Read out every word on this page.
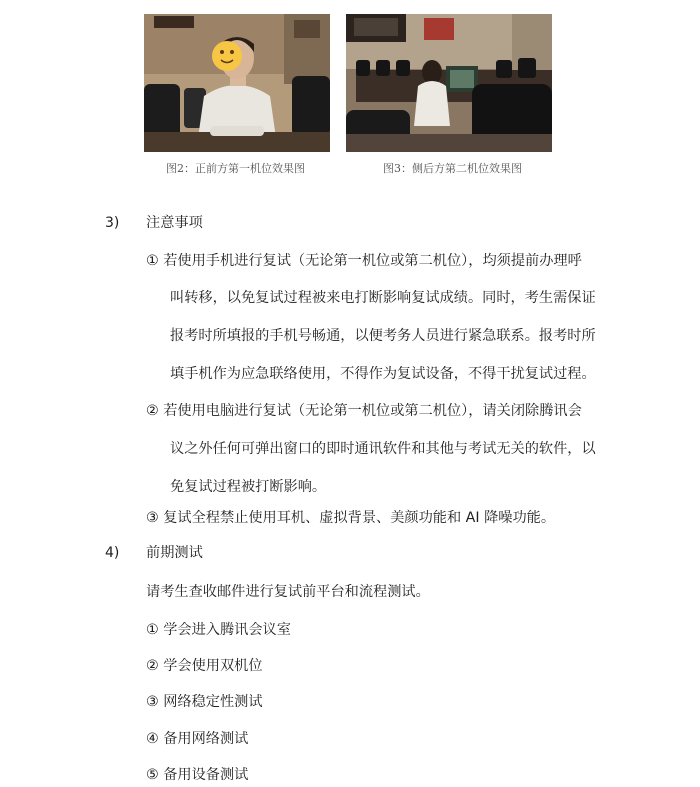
图2：正前方第一机位效果图	图3：侧后方第二机位效果图
3) 注意事项
① 若使用手机进行复试（无论第一机位或第二机位），均须提前办理呼
叫转移，以免复试过程被来电打断影响复试成绩。同时，考生需保证
报考时所填报的手机号畅通，以便考务人员进行紧急联系。报考时所
填手机作为应急联络使用，不得作为复试设备，不得干扰复试过程。
② 若使用电脑进行复试（无论第一机位或第二机位），请关闭除腾讯会
议之外任何可弹出窗口的即时通讯软件和其他与考试无关的软件，以
免复试过程被打断影响。
③ 复试全程禁止使用耳机、虚拟背景、美颜功能和 AI 降噪功能。
4) 前期测试
请考生查收邮件进行复试前平台和流程测试。
① 学会进入腾讯会议室
② 学会使用双机位
③ 网络稳定性测试
④ 备用网络测试
⑤ 备用设备测试
